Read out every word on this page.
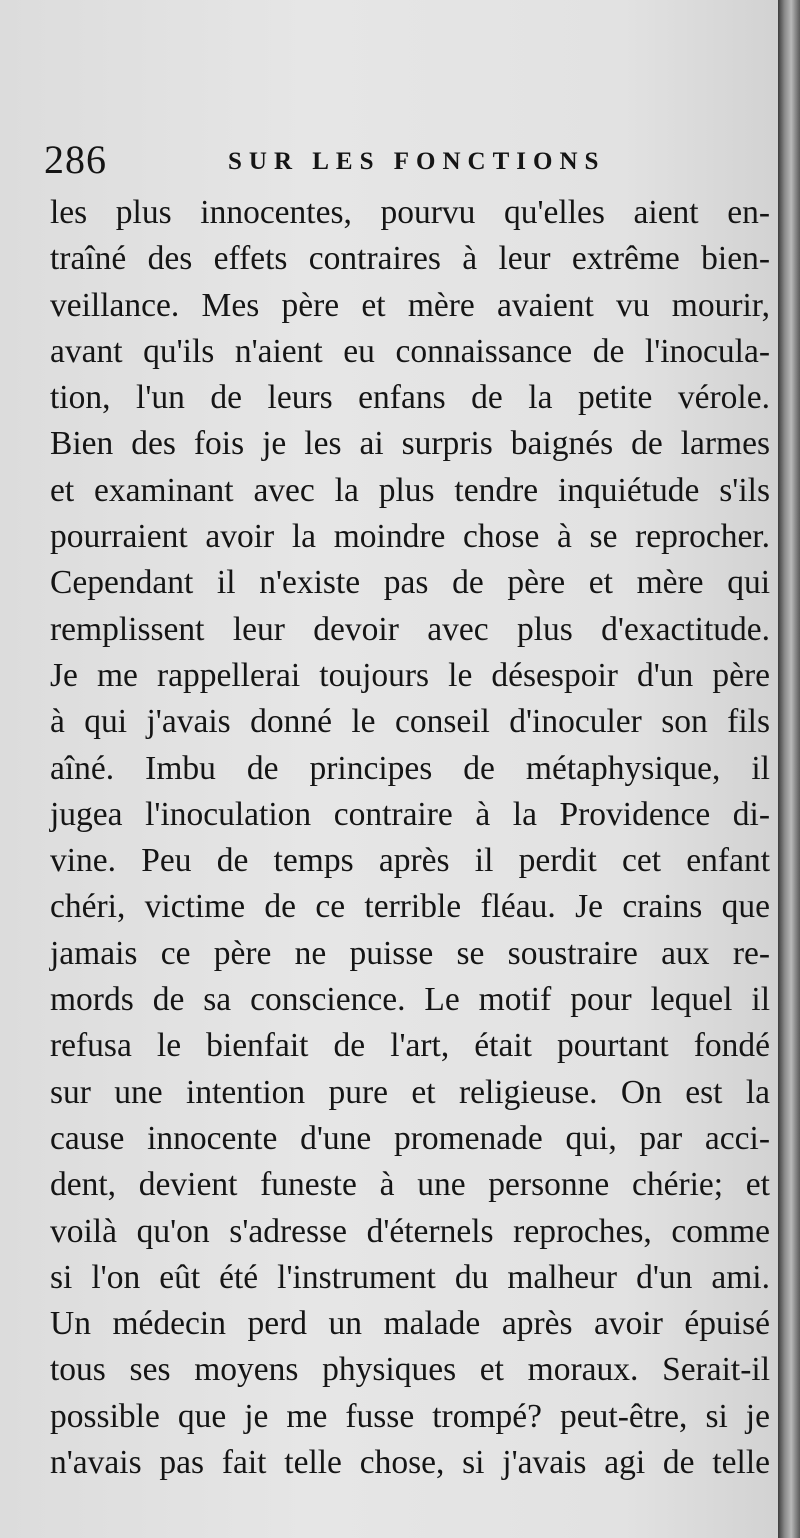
286	SUR LES FONCTIONS
les plus innocentes, pourvu qu'elles aient en-
traîné des effets contraires à leur extrême bien-
veillance. Mes père et mère avaient vu mourir,
avant qu'ils n'aient eu connaissance de l'inocula-
tion, l'un de leurs enfans de la petite vérole.
Bien des fois je les ai surpris baignés de larmes
et examinant avec la plus tendre inquiétude s'ils
pourraient avoir la moindre chose à se reprocher.
Cependant il n'existe pas de père et mère qui
remplissent leur devoir avec plus d'exactitude.
Je me rappellerai toujours le désespoir d'un père
à qui j'avais donné le conseil d'inoculer son fils
aîné. Imbu de principes de métaphysique, il
jugea l'inoculation contraire à la Providence di-
vine. Peu de temps après il perdit cet enfant
chéri, victime de ce terrible fléau. Je crains que
jamais ce père ne puisse se soustraire aux re-
mords de sa conscience. Le motif pour lequel il
refusa le bienfait de l'art, était pourtant fondé
sur une intention pure et religieuse. On est la
cause innocente d'une promenade qui, par acci-
dent, devient funeste à une personne chérie; et
voilà qu'on s'adresse d'éternels reproches, comme
si l'on eût été l'instrument du malheur d'un ami.
Un médecin perd un malade après avoir épuisé
tous ses moyens physiques et moraux. Serait-il
possible que je me fusse trompé? peut-être, si je
n'avais pas fait telle chose, si j'avais agi de telle
